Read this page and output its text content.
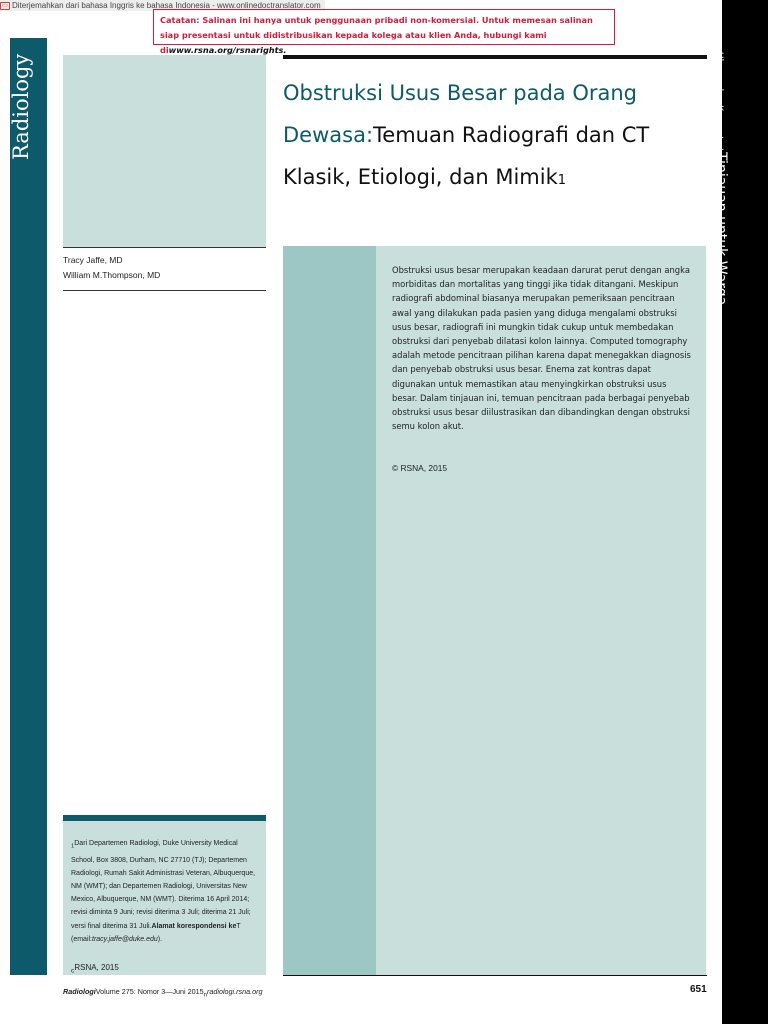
▭ Diterjemahkan dari bahasa Inggris ke bahasa Indonesia - www.onlinedoctranslator.com
Catatan: Salinan ini hanya untuk penggunaan pribadi non-komersial. Untuk memesan salinan siap presentasi untuk didistribusikan kepada kolega atau klien Anda, hubungi kami diwww.rsna.org/rsnarights.
Radiology	Ulasan dan Komentar\Tinjauan untuk Warga
Obstruksi Usus Besar pada Orang Dewasa:Temuan Radiografi dan CT Klasik, Etiologi, dan Mimik1
Tracy Jaffe, MD
William M.Thompson, MD	Obstruksi usus besar merupakan keadaan darurat perut dengan angka morbiditas dan mortalitas yang tinggi jika tidak ditangani. Meskipun radiografi abdominal biasanya merupakan pemeriksaan pencitraan awal yang dilakukan pada pasien yang diduga mengalami obstruksi usus besar, radiografi ini mungkin tidak cukup untuk membedakan obstruksi dari penyebab dilatasi kolon lainnya. Computed tomography adalah metode pencitraan pilihan karena dapat menegakkan diagnosis dan penyebab obstruksi usus besar. Enema zat kontras dapat digunakan untuk memastikan atau menyingkirkan obstruksi usus besar. Dalam tinjauan ini, temuan pencitraan pada berbagai penyebab obstruksi usus besar diilustrasikan dan dibandingkan dengan obstruksi semu kolon akut.
© RSNA, 2015
$_1$Dari Departemen Radiologi, Duke University Medical School, Box 3808, Durham, NC 27710 (TJ); Departemen Radiologi, Rumah Sakit Administrasi Veteran, Albuquerque, NM (WMT); dan Departemen Radiologi, Universitas New Mexico, Albuquerque, NM (WMT). Diterima 16 April 2014; revisi diminta 9 Juni; revisi diterima 3 Juli; diterima 21 Juli; versi final diterima 31 Juli.Alamat korespondensi keT (email:tracy.jaffe@duke.edu).
$_c$RSNA, 2015
RadiologiVolume 275: Nomor 3—Juni $2015_nradiologi.rsna.org$	651
